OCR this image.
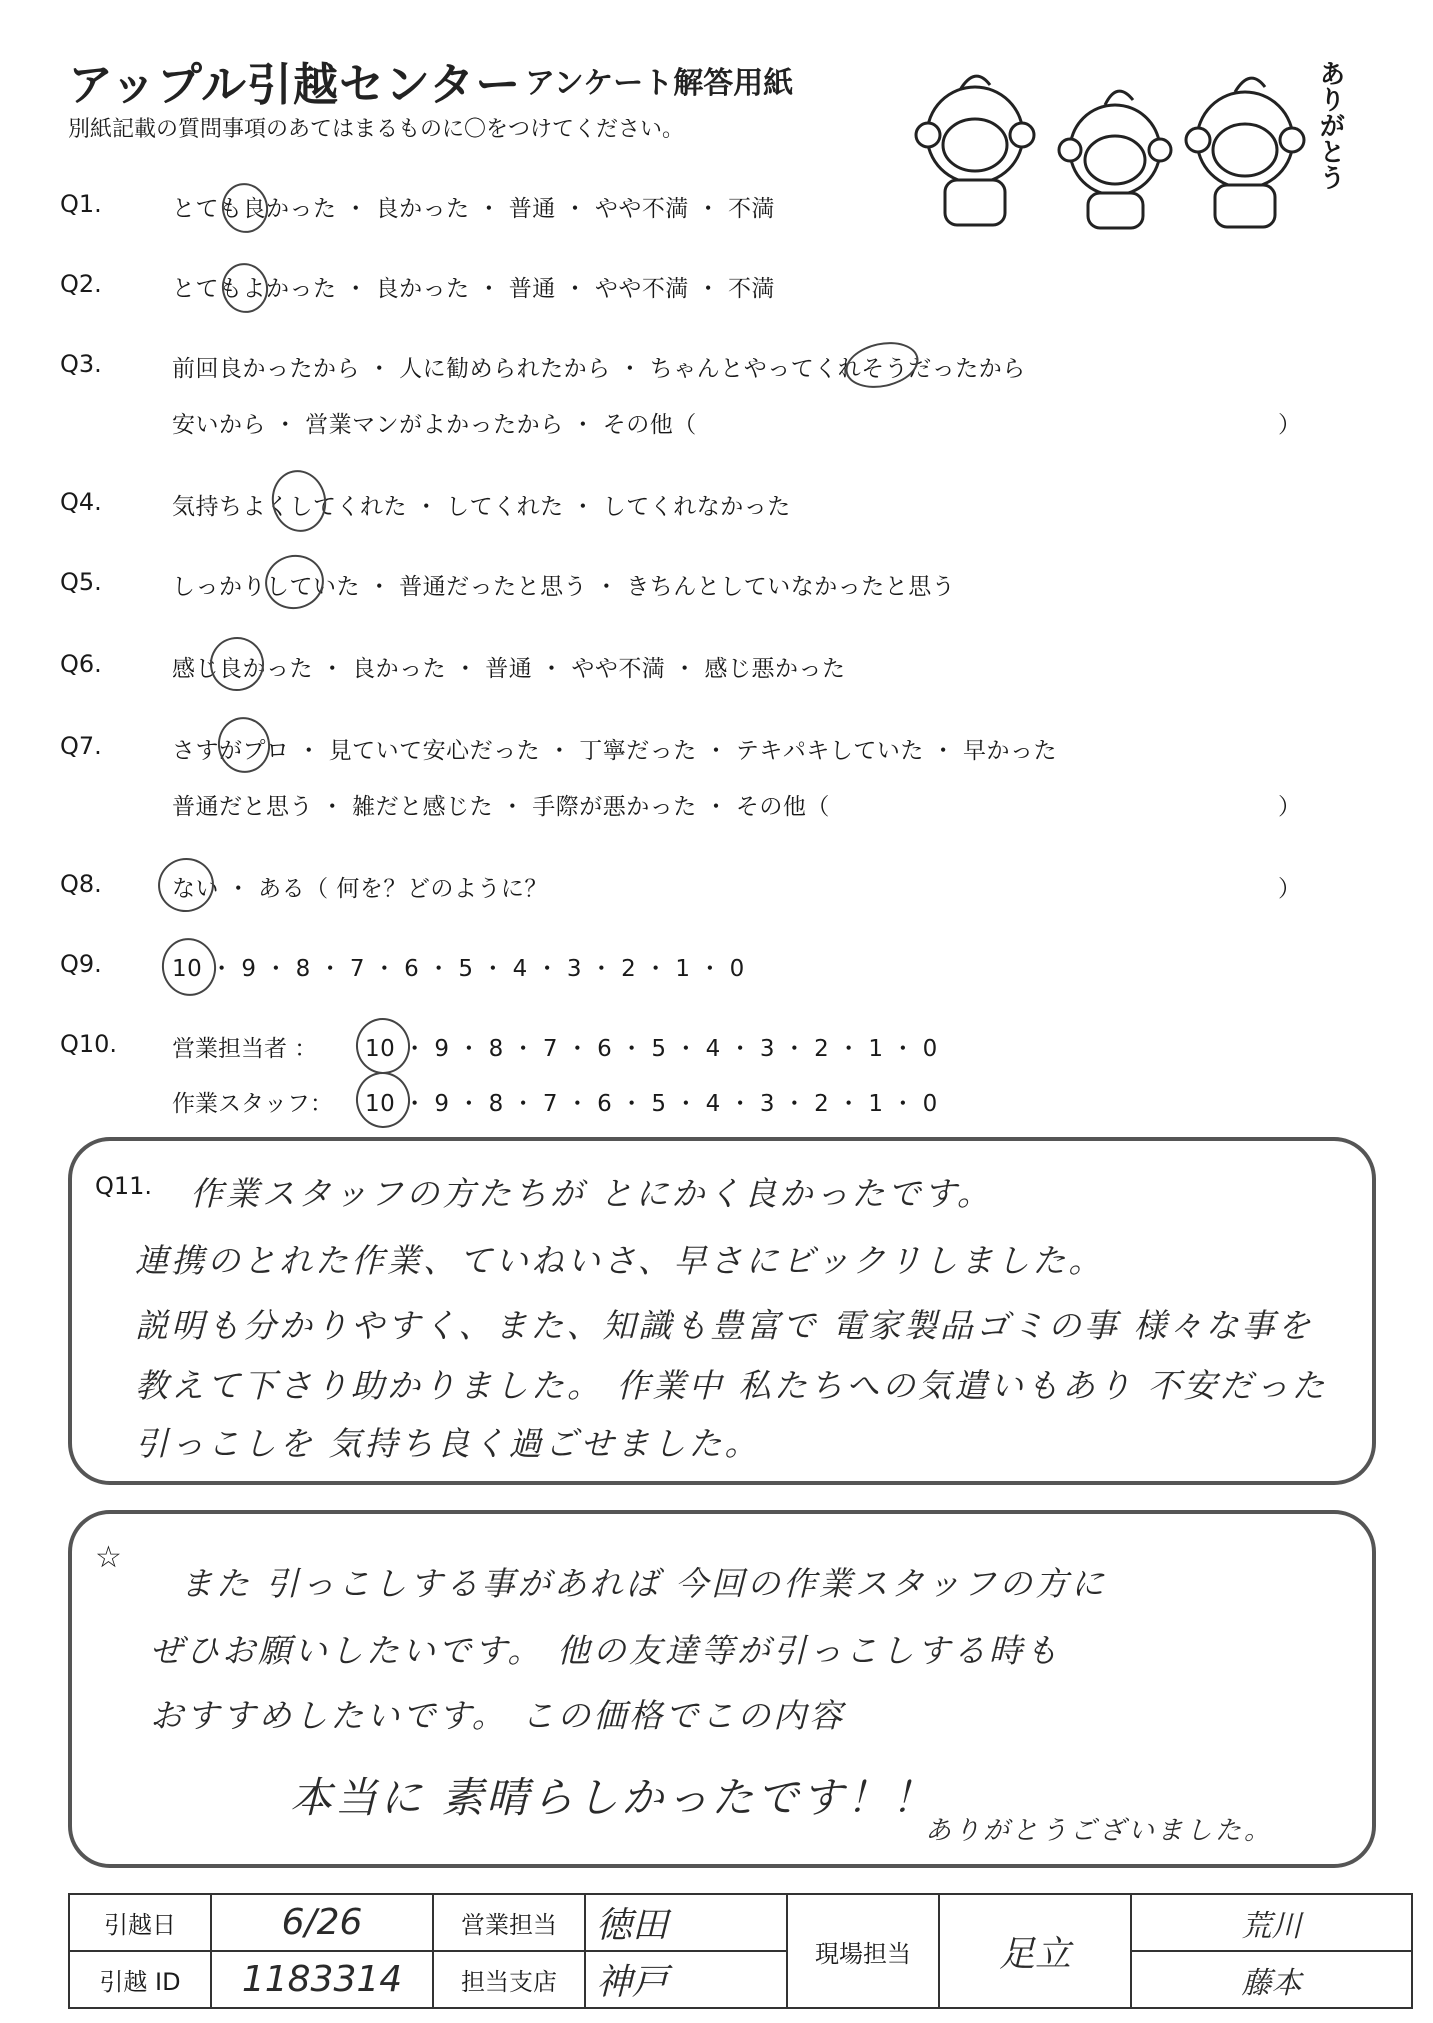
アップル引越センター アンケート解答用紙
別紙記載の質問事項のあてはまるものに〇をつけてください。	ありがとう
Q1.	とても良かった ・ 良かった ・ 普通 ・ やや不満 ・ 不満
Q2.	とてもよかった ・ 良かった ・ 普通 ・ やや不満 ・ 不満
Q3.	前回良かったから ・ 人に勧められたから ・ ちゃんとやってくれそうだったから
安いから ・ 営業マンがよかったから ・ その他（	）
Q4.	気持ちよくしてくれた ・ してくれた ・ してくれなかった
Q5.	しっかりしていた ・ 普通だったと思う ・ きちんとしていなかったと思う
Q6.	感じ良かった ・ 良かった ・ 普通 ・ やや不満 ・ 感じ悪かった
Q7.	さすがプロ ・ 見ていて安心だった ・ 丁寧だった ・ テキパキしていた ・ 早かった
普通だと思う ・ 雑だと感じた ・ 手際が悪かった ・ その他（	）
Q8.	ない ・ ある（ 何を？どのように？	）
Q9.	10 ・ 9 ・ 8 ・ 7 ・ 6 ・ 5 ・ 4 ・ 3 ・ 2 ・ 1 ・ 0
Q10. 営業担当者 ： 10 ・ 9 ・ 8 ・ 7 ・ 6 ・ 5 ・ 4 ・ 3 ・ 2 ・ 1 ・ 0
作業スタッフ： 10 ・ 9 ・ 8 ・ 7 ・ 6 ・ 5 ・ 4 ・ 3 ・ 2 ・ 1 ・ 0
Q11. 作業スタッフの方たちが とにかく良かったです。
連携のとれた作業、ていねいさ、早さにビックリしました。
説明も分かりやすく、また、知識も豊富で 電家製品ゴミの事 様々な事を
教えて下さり助かりました。 作業中 私たちへの気遣いもあり 不安だった
引っこしを 気持ち良く過ごせました。
☆
また 引っこしする事があれば 今回の作業スタッフの方に
ぜひお願いしたいです。 他の友達等が引っこしする時も
おすすめしたいです。 この価格でこの内容
本当に 素晴らしかったです！！
ありがとうございました。
引越日	6/26	営業担当	徳田	現場担当	足立	荒川
引越 ID	1183314	担当支店	神戸			藤本
